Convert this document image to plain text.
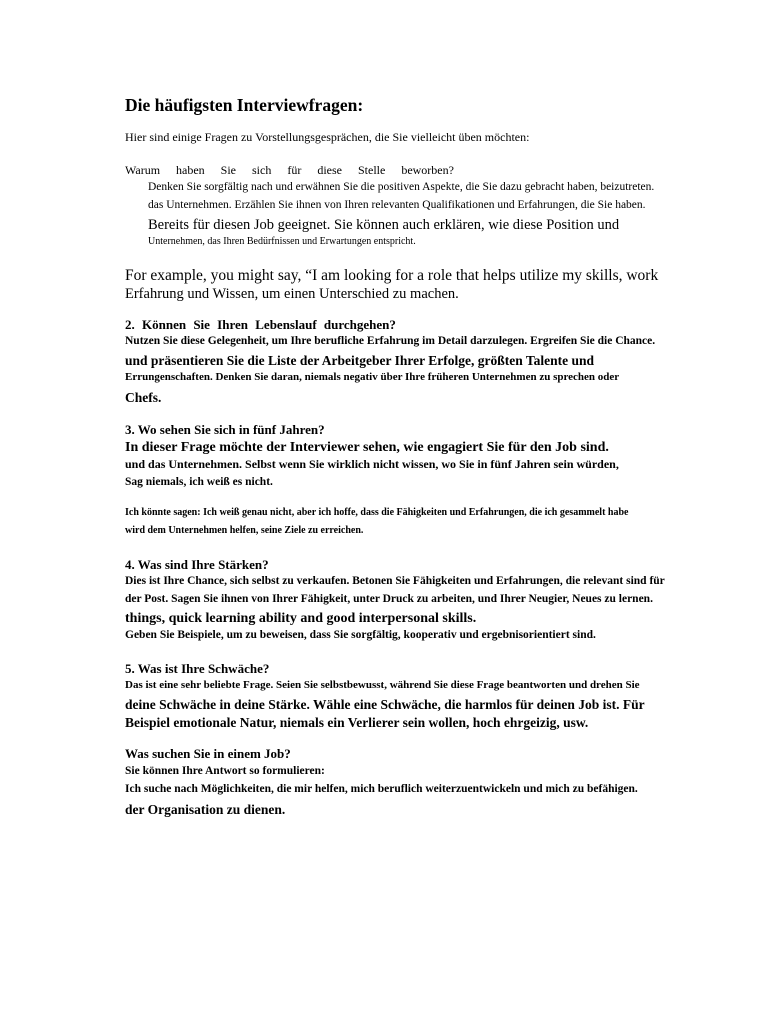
Die häufigsten Interviewfragen:

Hier sind einige Fragen zu Vorstellungsgesprächen, die Sie vielleicht üben möchten:

Warum haben Sie sich für diese Stelle beworben?

Denken Sie sorgfältig nach und erwähnen Sie die positiven Aspekte, die Sie dazu gebracht haben, beizutreten.

das Unternehmen. Erzählen Sie ihnen von Ihren relevanten Qualifikationen und Erfahrungen, die Sie haben.

Bereits für diesen Job geeignet. Sie können auch erklären, wie diese Position und

Unternehmen, das Ihren Bedürfnissen und Erwartungen entspricht.

For example, you might say, “I am looking for a role that helps utilize my skills, work

Erfahrung und Wissen, um einen Unterschied zu machen.

2. Können Sie Ihren Lebenslauf durchgehen?

Nutzen Sie diese Gelegenheit, um Ihre berufliche Erfahrung im Detail darzulegen. Ergreifen Sie die Chance.

und präsentieren Sie die Liste der Arbeitgeber Ihrer Erfolge, größten Talente und

Errungenschaften. Denken Sie daran, niemals negativ über Ihre früheren Unternehmen zu sprechen oder

Chefs.

3. Wo sehen Sie sich in fünf Jahren?

In dieser Frage möchte der Interviewer sehen, wie engagiert Sie für den Job sind.

und das Unternehmen. Selbst wenn Sie wirklich nicht wissen, wo Sie in fünf Jahren sein würden,

Sag niemals, ich weiß es nicht.

Ich könnte sagen: Ich weiß genau nicht, aber ich hoffe, dass die Fähigkeiten und Erfahrungen, die ich gesammelt habe

wird dem Unternehmen helfen, seine Ziele zu erreichen.

4. Was sind Ihre Stärken?

Dies ist Ihre Chance, sich selbst zu verkaufen. Betonen Sie Fähigkeiten und Erfahrungen, die relevant sind für

der Post. Sagen Sie ihnen von Ihrer Fähigkeit, unter Druck zu arbeiten, und Ihrer Neugier, Neues zu lernen.

things, quick learning ability and good interpersonal skills.

Geben Sie Beispiele, um zu beweisen, dass Sie sorgfältig, kooperativ und ergebnisorientiert sind.

5. Was ist Ihre Schwäche?

Das ist eine sehr beliebte Frage. Seien Sie selbstbewusst, während Sie diese Frage beantworten und drehen Sie

deine Schwäche in deine Stärke. Wähle eine Schwäche, die harmlos für deinen Job ist. Für

Beispiel emotionale Natur, niemals ein Verlierer sein wollen, hoch ehrgeizig, usw.

Was suchen Sie in einem Job?

Sie können Ihre Antwort so formulieren:

Ich suche nach Möglichkeiten, die mir helfen, mich beruflich weiterzuentwickeln und mich zu befähigen.

der Organisation zu dienen.
